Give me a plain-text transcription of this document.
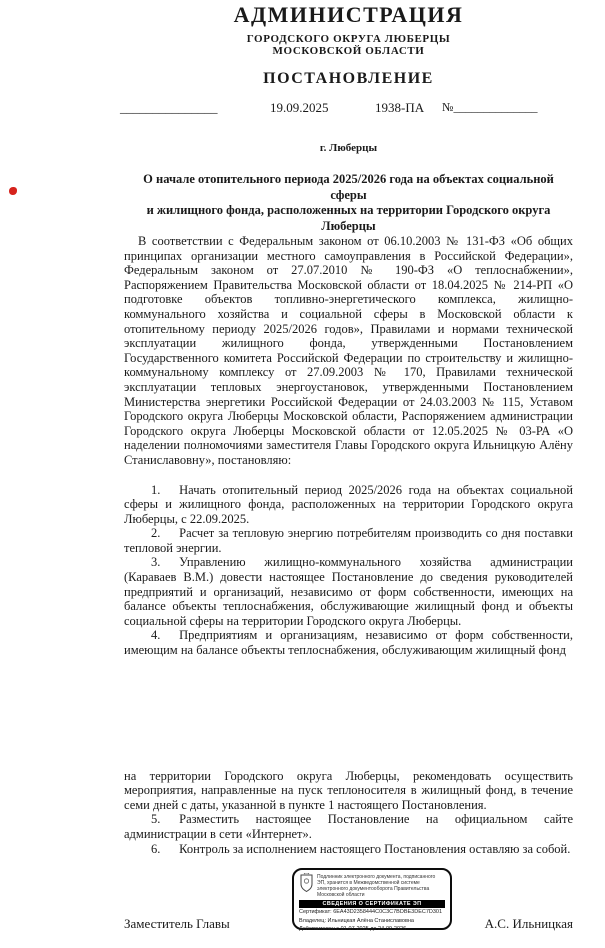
АДМИНИСТРАЦИЯ
ГОРОДСКОГО ОКРУГА ЛЮБЕРЦЫ
МОСКОВСКОЙ ОБЛАСТИ
ПОСТАНОВЛЕНИЕ
_______________	19.09.2025	1938-ПА №______________
г. Люберцы
О начале отопительного периода 2025/2026 года на объектах социальной сферы
и жилищного фонда, расположенных на территории Городского округа Люберцы

В соответствии с Федеральным законом от 06.10.2003 № 131-ФЗ «Об общих принципах организации местного самоуправления в Российской Федерации», Федеральным законом от 27.07.2010 № 190-ФЗ «О теплоснабжении», Распоряжением Правительства Московской области от 18.04.2025 № 214-РП «О подготовке объектов топливно-энергетического комплекса, жилищно-коммунального хозяйства и социальной сферы в Московской области к отопительному периоду 2025/2026 годов», Правилами и нормами технической эксплуатации жилищного фонда, утвержденными Постановлением Государственного комитета Российской Федерации по строительству и жилищно-коммунальному комплексу от 27.09.2003 № 170, Правилами технической эксплуатации тепловых энергоустановок, утвержденными Постановлением Министерства энергетики Российской Федерации от 24.03.2003 № 115, Уставом Городского округа Люберцы Московской области, Распоряжением администрации Городского округа Люберцы Московской области от 12.05.2025 № 03-РА «О наделении полномочиями заместителя Главы Городского округа Ильницкую Алёну Станиславовну», постановляю:

1.  Начать отопительный период 2025/2026 года на объектах социальной сферы и жилищного фонда, расположенных на территории Городского округа Люберцы, с 22.09.2025.

2.  Расчет за тепловую энергию потребителям производить со дня поставки тепловой энергии.

3.  Управлению жилищно-коммунального хозяйства администрации (Караваев В.М.) довести настоящее Постановление до сведения руководителей предприятий и организаций, независимо от форм собственности, имеющих на балансе объекты теплоснабжения, обслуживающие жилищный фонд и объекты социальной сферы на территории Городского округа Люберцы.

4.  Предприятиям и организациям, независимо от форм собственности, имеющим на балансе объекты теплоснабжения, обслуживающим жилищный фонд

на территории Городского округа Люберцы, рекомендовать осуществить мероприятия, направленные на пуск теплоносителя в жилищный фонд, в течение семи дней с даты, указанной в пункте 1 настоящего Постановления.

5.  Разместить настоящее Постановление на официальном сайте администрации в сети «Интернет».

6.  Контроль за исполнением настоящего Постановления оставляю за собой.

Подлинник электронного документа, подписанного ЭП, хранится в Межведомственной системе электронного документооборота Правительства Московской области
СВЕДЕНИЯ О СЕРТИФИКАТЕ ЭП
Сертификат: 6EA43D2358444C0C3C7BDBE3DEC7D301
Владелец: Ильницкая Алёна Станиславовна
Действителен с 01-07-2025 до 24-09-2026
Заместитель Главы	А.С. Ильницкая
